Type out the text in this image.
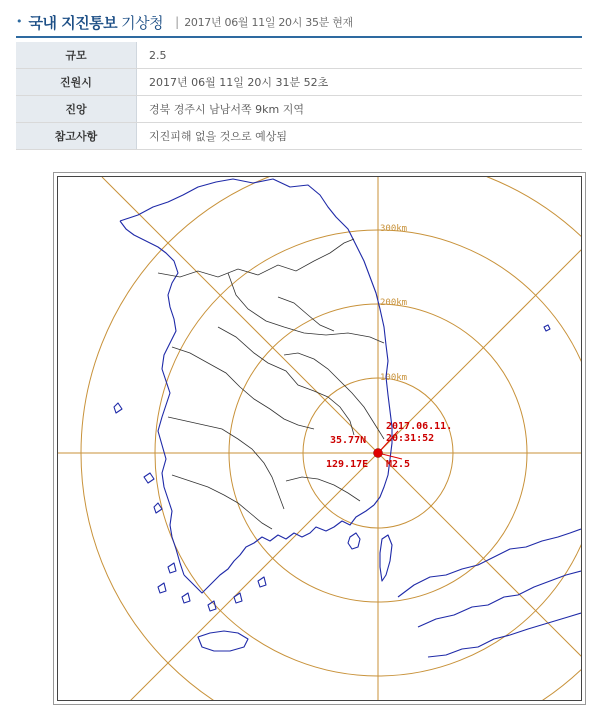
• 국내 지진통보 기상청 | 2017년 06월 11일 20시 35분 현재
규모	2.5
진원시	2017년 06월 11일 20시 31분 52초
진앙	경북 경주시 남남서쪽 9km 지역
참고사항	지진피해 없을 것으로 예상됨
100km
200km
300km
35.77N
129.17E
2017.06.11.
20:31:52
M2.5
